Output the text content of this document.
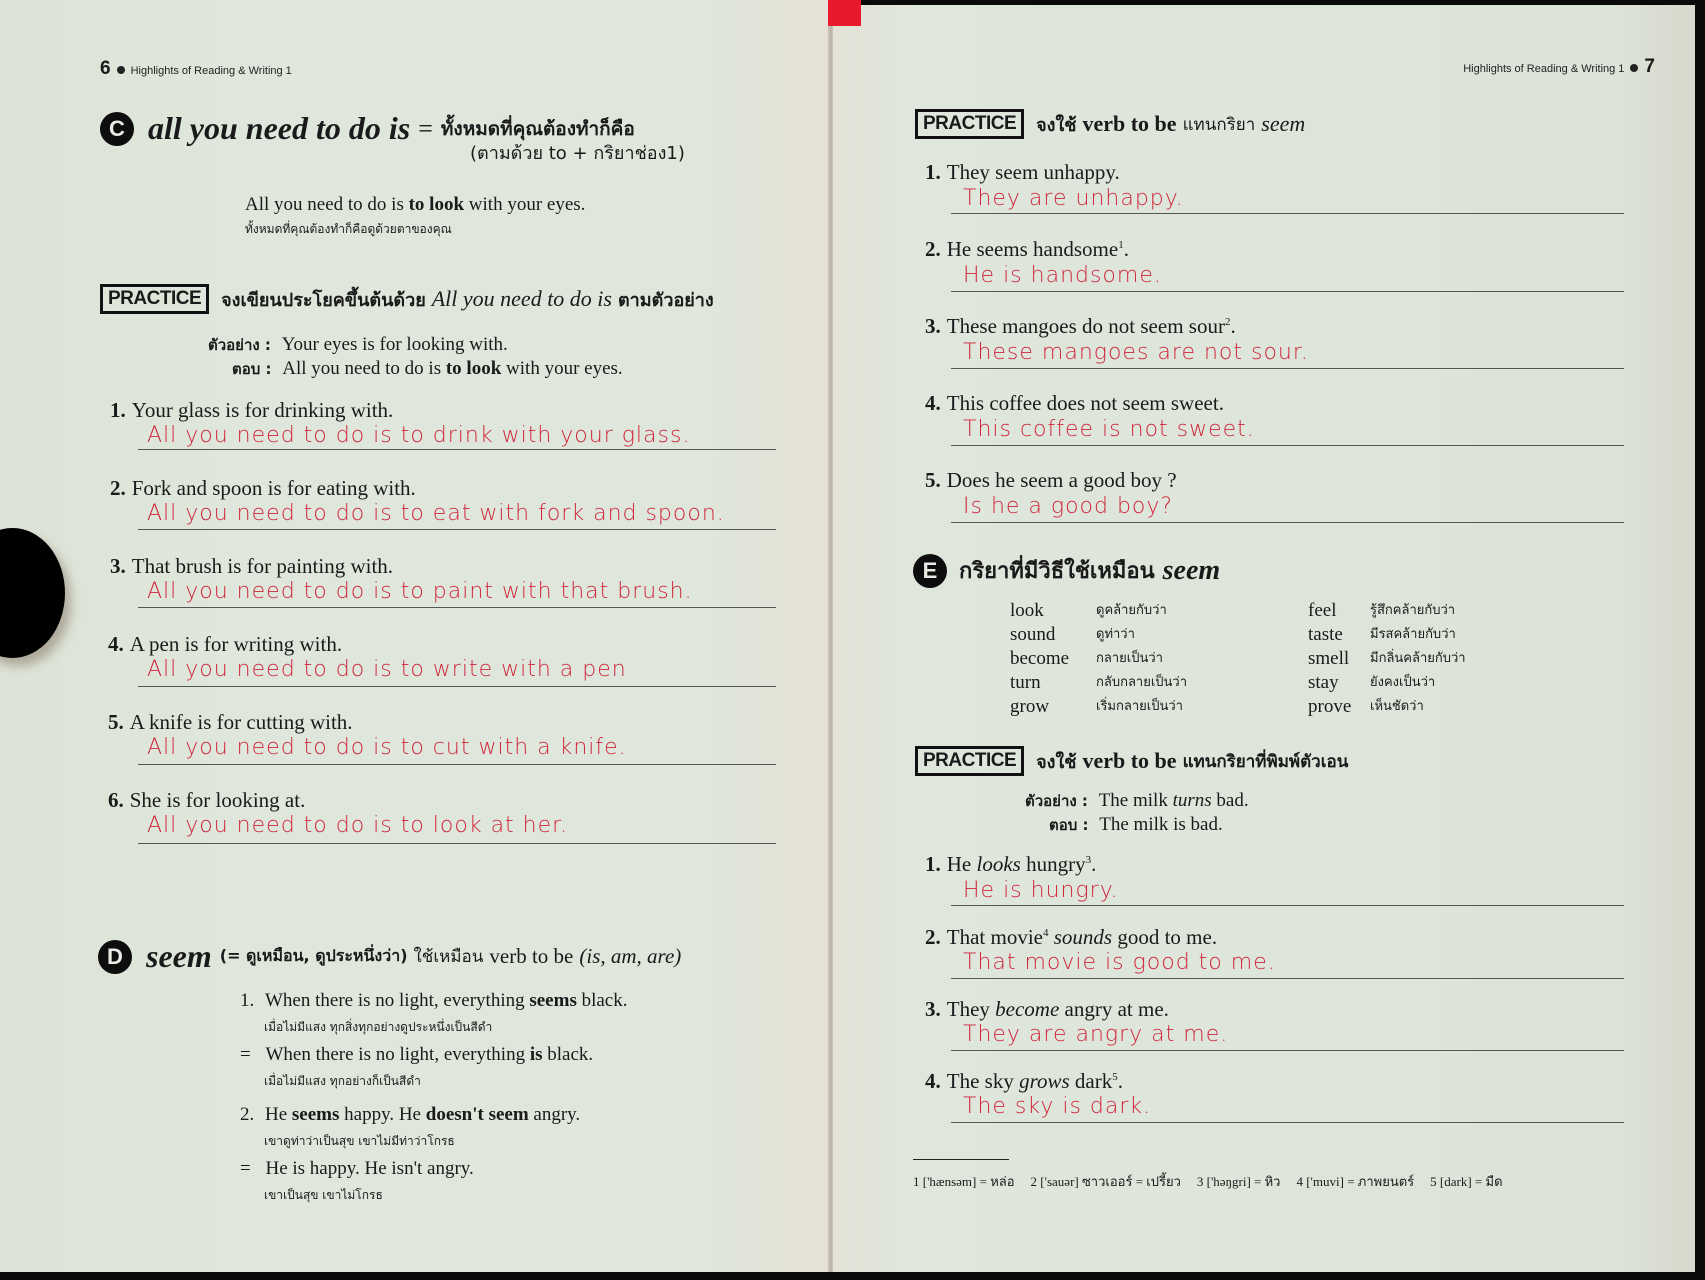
6 Highlights of Reading & Writing 1
C all you need to do is = ทั้งหมดที่คุณต้องทำก็คือ
(ตามด้วย to + กริยาช่อง1)
All you need to do is to look with your eyes.
ทั้งหมดที่คุณต้องทำก็คือดูด้วยตาของคุณ
PRACTICE	จงเขียนประโยคขึ้นต้นด้วย All you need to do is ตามตัวอย่าง
ตัวอย่าง : Your eyes is for looking with.
ตอบ : All you need to do is to look with your eyes.
1. Your glass is for drinking with.
All you need to do is to drink with your glass.
2. Fork and spoon is for eating with.
All you need to do is to eat with fork and spoon.
3. That brush is for painting with.
All you need to do is to paint with that brush.
4. A pen is for writing with.
All you need to do is to write with a pen
5. A knife is for cutting with.
All you need to do is to cut with a knife.
6. She is for looking at.
All you need to do is to look at her.
D seem (= ดูเหมือน, ดูประหนึ่งว่า) ใช้เหมือน verb to be (is, am, are)
1. When there is no light, everything seems black.
เมื่อไม่มีแสง ทุกสิ่งทุกอย่างดูประหนึ่งเป็นสีดำ
= When there is no light, everything is black.
เมื่อไม่มีแสง ทุกอย่างก็เป็นสีดำ
2. He seems happy. He doesn't seem angry.
เขาดูท่าว่าเป็นสุข เขาไม่มีท่าว่าโกรธ
= He is happy. He isn't angry.
เขาเป็นสุข เขาไม่โกรธ
Highlights of Reading & Writing 1 7
PRACTICE	จงใช้ verb to be แทนกริยา seem
1. They seem unhappy.
They are unhappy.
2. He seems handsome$^1$.
He is handsome.
3. These mangoes do not seem sour$^2$.
These mangoes are not sour.
4. This coffee does not seem sweet.
This coffee is not sweet.
5. Does he seem a good boy ?
Is he a good boy?
E กริยาที่มีวิธีใช้เหมือน seem
look	ดูคล้ายกับว่า
sound	ดูท่าว่า
become	กลายเป็นว่า
turn	กลับกลายเป็นว่า
grow	เริ่มกลายเป็นว่า
feel	รู้สึกคล้ายกับว่า
taste	มีรสคล้ายกับว่า
smell	มีกลิ่นคล้ายกับว่า
stay	ยังคงเป็นว่า
prove	เห็นชัดว่า
PRACTICE	จงใช้ verb to be แทนกริยาที่พิมพ์ตัวเอน
ตัวอย่าง : The milk turns bad.
ตอบ : The milk is bad.
1. He looks hungry$^3$.
He is hungry.
2. That movie$^4$ sounds good to me.
That movie is good to me.
3. They become angry at me.
They are angry at me.
4. The sky grows dark$^5$.
The sky is dark.
1 ['hænsəm] = หล่อ 2 ['sauər] ซาวเออร์ = เปรี้ยว 3 ['həŋgri] = หิว 4 ['muvi] = ภาพยนตร์ 5 [dark] = มืด
